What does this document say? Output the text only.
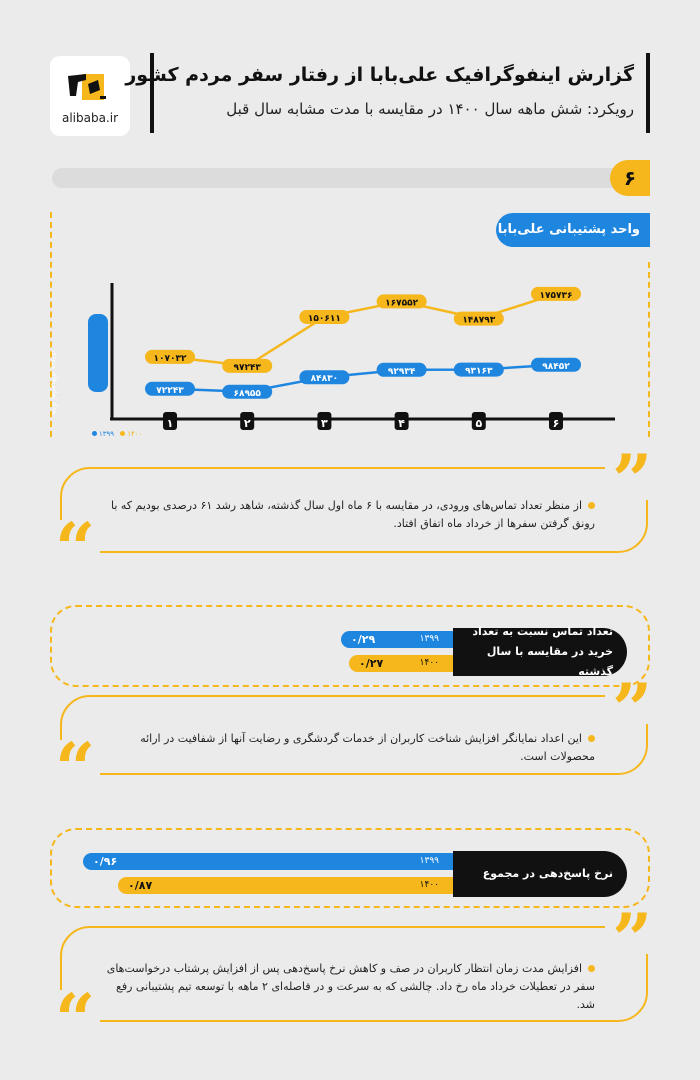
alibaba.ir
گزارش اینفوگرافیک علی‌بابا از رفتار سفر مردم کشور
رویکرد: شش ماهه سال ۱۴۰۰ در مقایسه با مدت مشابه سال قبل
۶
واحد پشتیبانی علی‌بابا
تعداد تماس‌های ورودی
۱	۲	۳	۴	۵	۶
۱۰۷۰۳۲
۹۷۲۴۳
۱۵۰۶۱۱
۱۶۷۵۵۲
۱۴۸۷۹۳
۱۷۵۷۳۶
۷۲۲۴۳	۶۸۹۵۵
۸۴۸۳۰
۹۲۹۳۴	۹۳۱۶۳	۹۸۴۵۲
۱۳۹۹ ۱۴۰۰
”
“
از منظر تعداد تماس‌های ورودی، در مقایسه با ۶ ماه اول سال گذشته، شاهد رشد ۶۱ درصدی بودیم که با رونق گرفتن سفرها از خرداد ماه اتفاق افتاد.
تعداد تماس نسبت به تعداد خرید در مقایسه با سال گذشته
۰/۲۹	۱۳۹۹
۰/۲۷	۱۴۰۰
”
“	این اعداد نمایانگر افزایش شناخت کاربران از خدمات گردشگری و رضایت آنها از شفافیت در ارائه محصولات است.
نرخ پاسخ‌دهی در مجموع
۰/۹۶	۱۳۹۹
۰/۸۷	۱۴۰۰
”
“
افزایش مدت زمان انتظار کاربران در صف و کاهش نرخ پاسخ‌دهی پس از افزایش پرشتاب درخواست‌های سفر در تعطیلات خرداد ماه رخ داد. چالشی که به سرعت و در فاصله‌ای ۲ ماهه با توسعه تیم پشتیبانی رفع شد.
